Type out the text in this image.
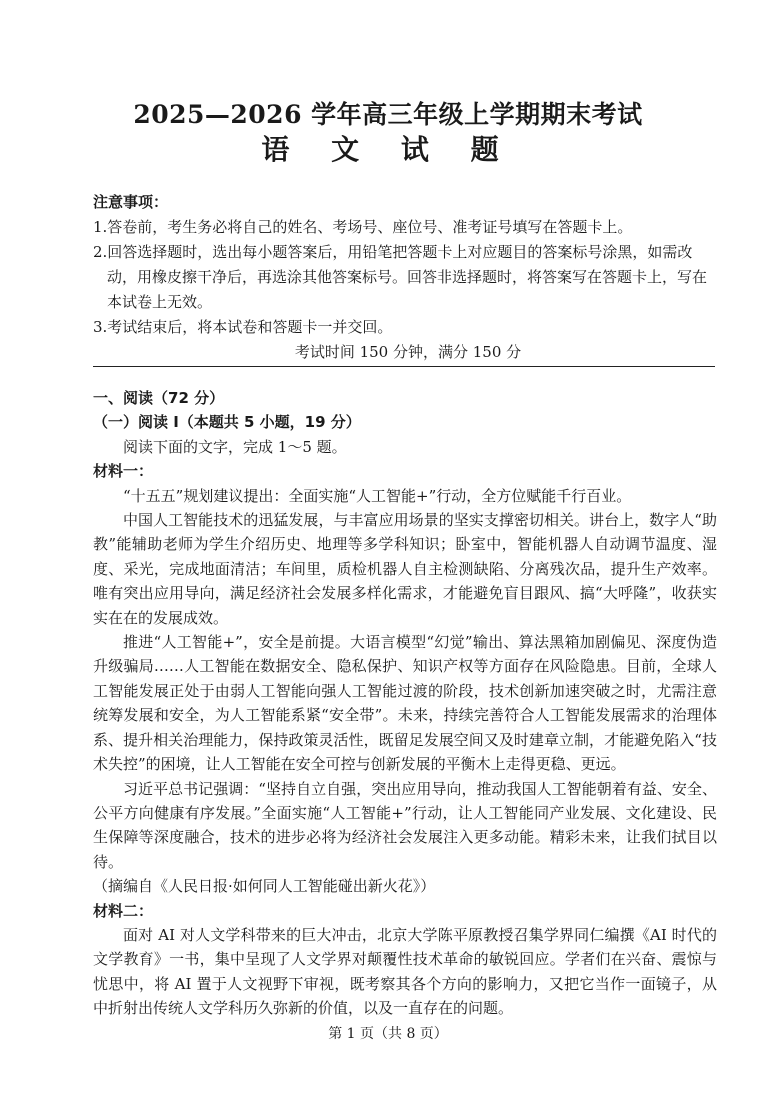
2025—2026 学年高三年级上学期期末考试
语 文 试 题

注意事项：

1.答卷前，考生务必将自己的姓名、考场号、座位号、准考证号填写在答题卡上。

2.回答选择题时，选出每小题答案后，用铅笔把答题卡上对应题目的答案标号涂黑，如需改

动，用橡皮擦干净后，再选涂其他答案标号。回答非选择题时，将答案写在答题卡上，写在

本试卷上无效。

3.考试结束后，将本试卷和答题卡一并交回。

考试时间 150 分钟，满分 150 分

一、阅读（72 分）

（一）阅读 I（本题共 5 小题，19 分）

阅读下面的文字，完成 1～5 题。

材料一：

“十五五”规划建议提出：全面实施“人工智能+”行动，全方位赋能千行百业。

中国人工智能技术的迅猛发展，与丰富应用场景的坚实支撑密切相关。讲台上，数字人“助教”能辅助老师为学生介绍历史、地理等多学科知识；卧室中，智能机器人自动调节温度、湿度、采光，完成地面清洁；车间里，质检机器人自主检测缺陷、分离残次品，提升生产效率。唯有突出应用导向，满足经济社会发展多样化需求，才能避免盲目跟风、搞“大呼隆”，收获实实在在的发展成效。

推进“人工智能+”，安全是前提。大语言模型“幻觉”输出、算法黑箱加剧偏见、深度伪造升级骗局……人工智能在数据安全、隐私保护、知识产权等方面存在风险隐患。目前，全球人工智能发展正处于由弱人工智能向强人工智能过渡的阶段，技术创新加速突破之时，尤需注意统筹发展和安全，为人工智能系紧“安全带”。未来，持续完善符合人工智能发展需求的治理体系、提升相关治理能力，保持政策灵活性，既留足发展空间又及时建章立制，才能避免陷入“技术失控”的困境，让人工智能在安全可控与创新发展的平衡木上走得更稳、更远。

习近平总书记强调：“坚持自立自强，突出应用导向，推动我国人工智能朝着有益、安全、公平方向健康有序发展。”全面实施“人工智能+”行动，让人工智能同产业发展、文化建设、民生保障等深度融合，技术的进步必将为经济社会发展注入更多动能。精彩未来，让我们拭目以待。

（摘编自《人民日报·如何同人工智能碰出新火花》）

材料二：

面对 AI 对人文学科带来的巨大冲击，北京大学陈平原教授召集学界同仁编撰《AI 时代的文学教育》一书，集中呈现了人文学界对颠覆性技术革命的敏锐回应。学者们在兴奋、震惊与忧思中，将 AI 置于人文视野下审视，既考察其各个方向的影响力，又把它当作一面镜子，从中折射出传统人文学科历久弥新的价值，以及一直存在的问题。

第 1 页（共 8 页）
